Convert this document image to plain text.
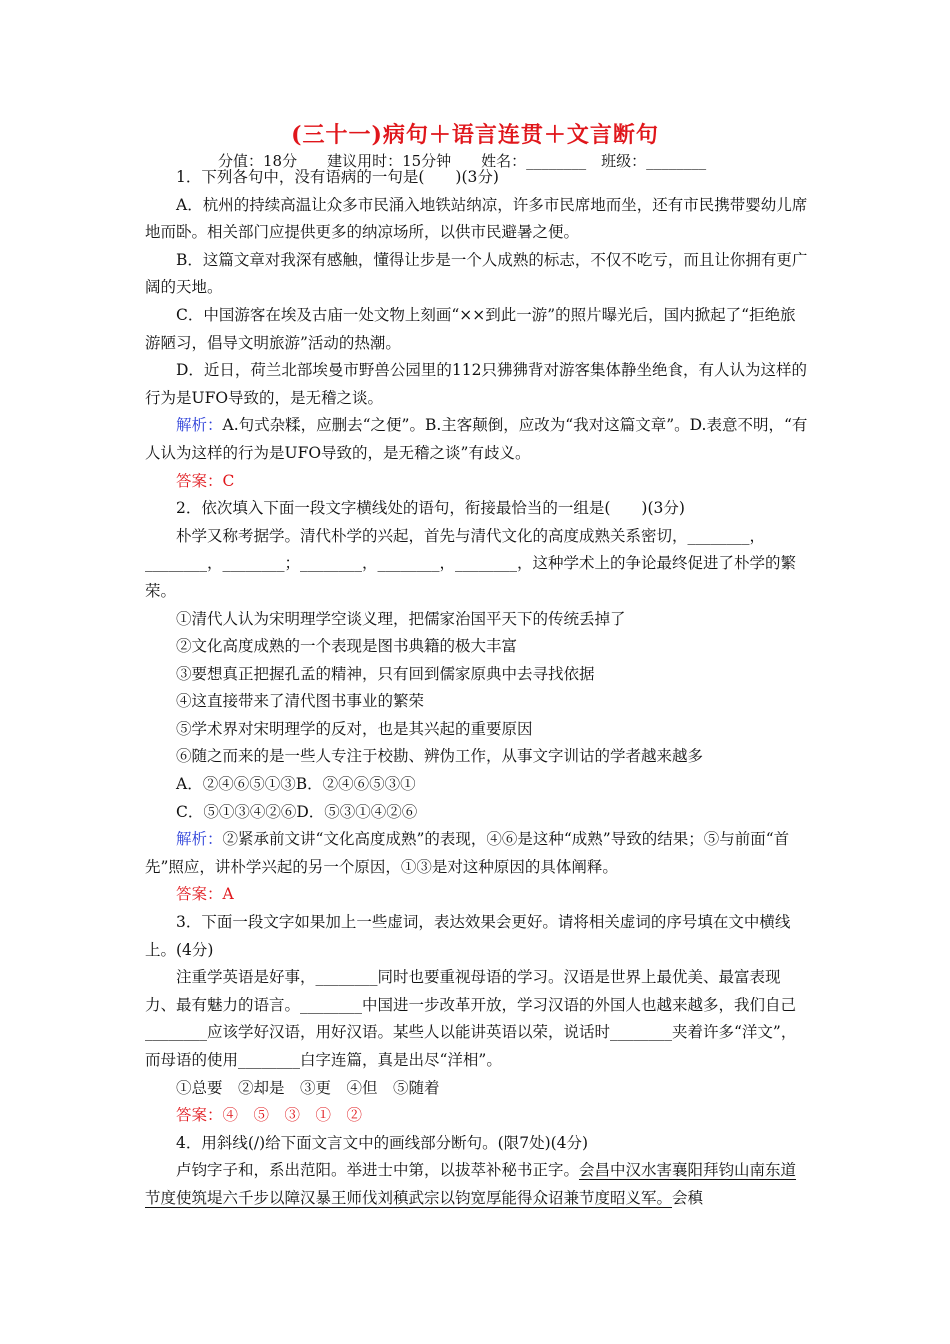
(三十一)病句＋语言连贯＋文言断句
分值：18分　　建议用时：15分钟　　姓名：________　班级：________

1．下列各句中，没有语病的一句是(　　)(3分)

A．杭州的持续高温让众多市民涌入地铁站纳凉，许多市民席地而坐，还有市民携带婴幼儿席地而卧。相关部门应提供更多的纳凉场所，以供市民避暑之便。

B．这篇文章对我深有感触，懂得让步是一个人成熟的标志，不仅不吃亏，而且让你拥有更广阔的天地。

C．中国游客在埃及古庙一处文物上刻画“××到此一游”的照片曝光后，国内掀起了“拒绝旅游陋习，倡导文明旅游”活动的热潮。

D．近日，荷兰北部埃曼市野兽公园里的112只狒狒背对游客集体静坐绝食，有人认为这样的行为是UFO导致的，是无稽之谈。

解析：A.句式杂糅，应删去“之便”。B.主客颠倒，应改为“我对这篇文章”。D.表意不明，“有人认为这样的行为是UFO导致的，是无稽之谈”有歧义。

答案：C

2．依次填入下面一段文字横线处的语句，衔接最恰当的一组是(　　)(3分)

朴学又称考据学。清代朴学的兴起，首先与清代文化的高度成熟关系密切，________，________，________；________，________，________，这种学术上的争论最终促进了朴学的繁荣。

①清代人认为宋明理学空谈义理，把儒家治国平天下的传统丢掉了

②文化高度成熟的一个表现是图书典籍的极大丰富

③要想真正把握孔孟的精神，只有回到儒家原典中去寻找依据

④这直接带来了清代图书事业的繁荣

⑤学术界对宋明理学的反对，也是其兴起的重要原因

⑥随之而来的是一些人专注于校勘、辨伪工作，从事文字训诂的学者越来越多

A．②④⑥⑤①③B．②④⑥⑤③①

C．⑤①③④②⑥D．⑤③①④②⑥

解析：②紧承前文讲“文化高度成熟”的表现，④⑥是这种“成熟”导致的结果；⑤与前面“首先”照应，讲朴学兴起的另一个原因，①③是对这种原因的具体阐释。

答案：A

3．下面一段文字如果加上一些虚词，表达效果会更好。请将相关虚词的序号填在文中横线上。(4分)

注重学英语是好事，________同时也要重视母语的学习。汉语是世界上最优美、最富表现力、最有魅力的语言。________中国进一步改革开放，学习汉语的外国人也越来越多，我们自己________应该学好汉语，用好汉语。某些人以能讲英语以荣，说话时________夹着许多“洋文”，而母语的使用________白字连篇，真是出尽“洋相”。

①总要　②却是　③更　④但　⑤随着

答案：④　⑤　③　①　②

4．用斜线(/)给下面文言文中的画线部分断句。(限7处)(4分)

卢钧字子和，系出范阳。举进士中第，以拔萃补秘书正字。会昌中汉水害襄阳拜钧山南东道节度使筑堤六千步以障汉暴王师伐刘稹武宗以钧宽厚能得众诏兼节度昭义军。会稹
